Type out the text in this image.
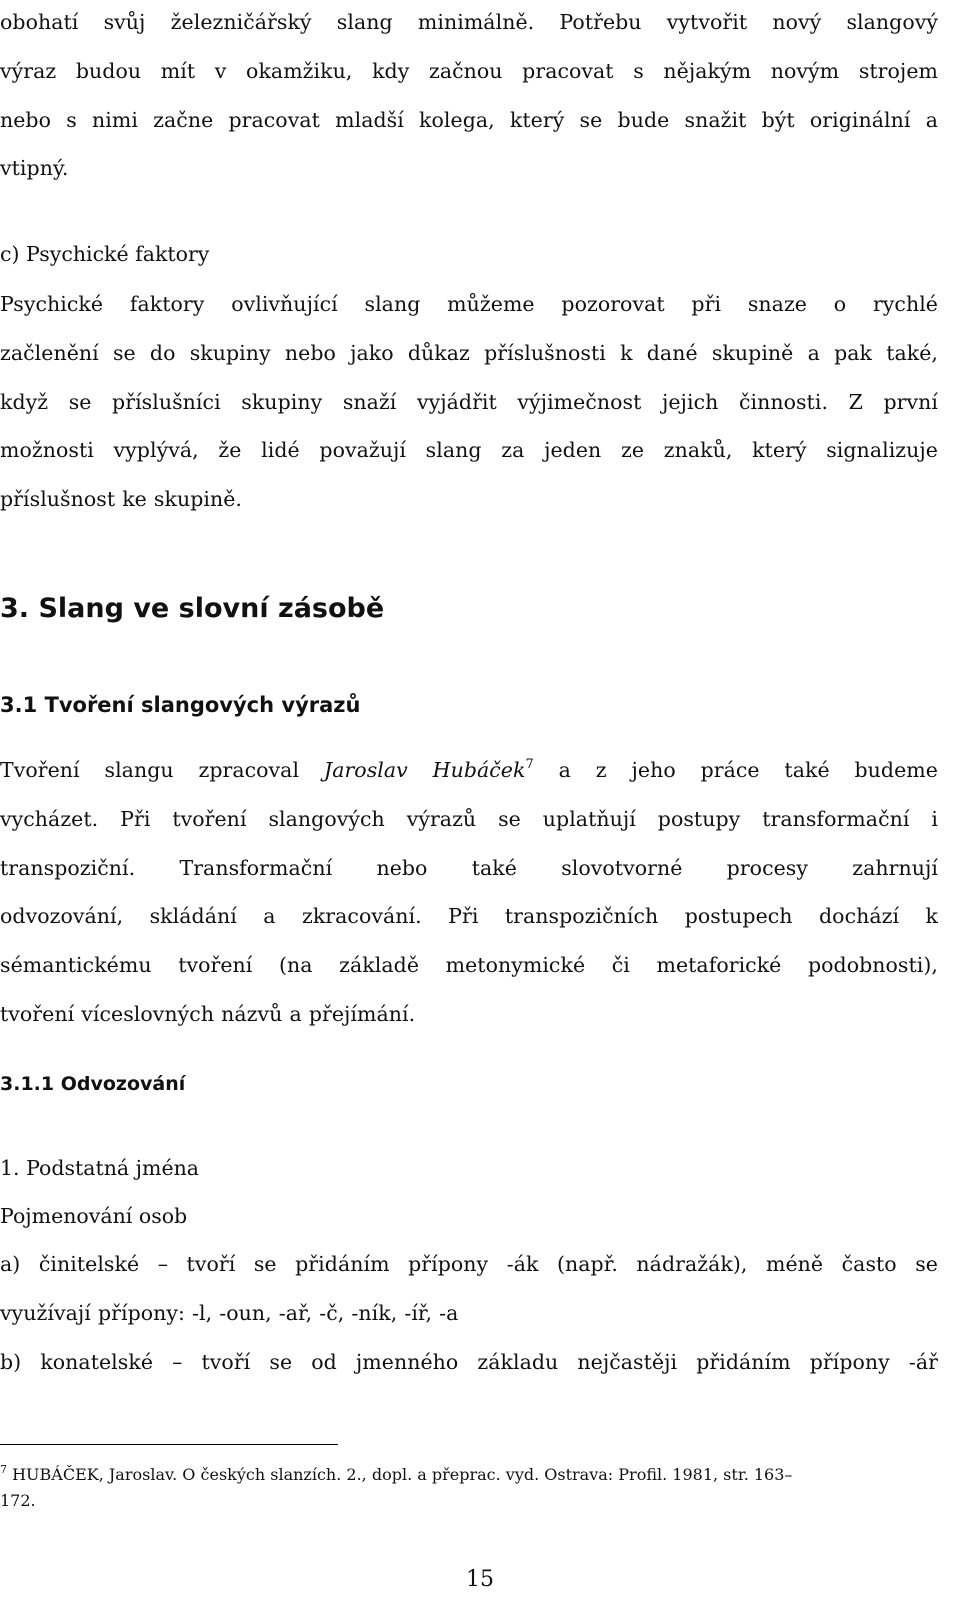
obohatí svůj železničářský slang minimálně. Potřebu vytvořit nový slangový
výraz budou mít v okamžiku, kdy začnou pracovat s nějakým novým strojem
nebo s nimi začne pracovat mladší kolega, který se bude snažit být originální a
vtipný.
c) Psychické faktory
Psychické faktory ovlivňující slang můžeme pozorovat při snaze o rychlé
začlenění se do skupiny nebo jako důkaz příslušnosti k dané skupině a pak také,
když se příslušníci skupiny snaží vyjádřit výjimečnost jejich činnosti. Z první
možnosti vyplývá, že lidé považují slang za jeden ze znaků, který signalizuje
příslušnost ke skupině.
3. Slang ve slovní zásobě
3.1 Tvoření slangových výrazů
Tvoření slangu zpracoval Jaroslav Hubáček$^7$ a z jeho práce také budeme
vycházet. Při tvoření slangových výrazů se uplatňují postupy transformační i
transpoziční. Transformační nebo také slovotvorné procesy zahrnují
odvozování, skládání a zkracování. Při transpozičních postupech dochází k
sémantickému tvoření (na základě metonymické či metaforické podobnosti),
tvoření víceslovných názvů a přejímání.
3.1.1 Odvozování
1. Podstatná jména
Pojmenování osob
a) činitelské – tvoří se přidáním přípony -ák (např. nádražák), méně často se
využívají přípony: -l, -oun, -ař, -č, -ník, -íř, -a
b) konatelské – tvoří se od jmenného základu nejčastěji přidáním přípony -ář
$^7$ HUBÁČEK, Jaroslav. O českých slanzích. 2., dopl. a přeprac. vyd. Ostrava: Profil. 1981, str. 163–
172.
15
